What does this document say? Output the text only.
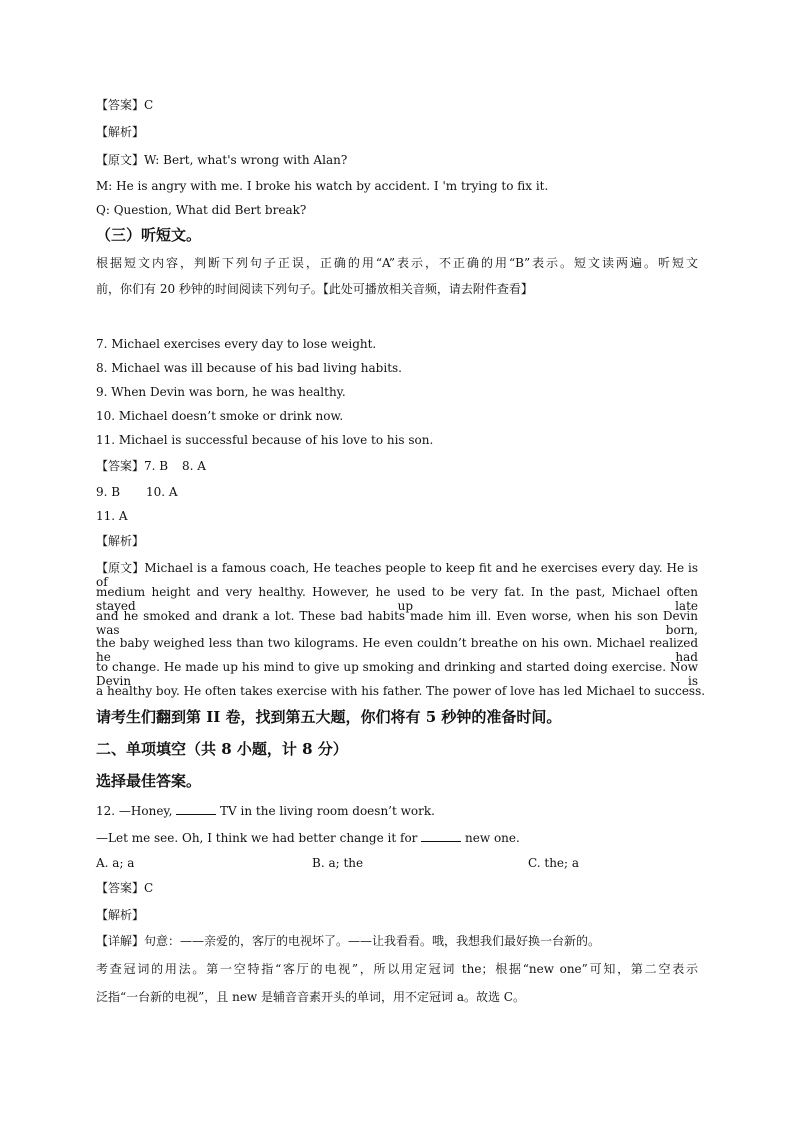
【答案】C
【解析】
【原文】W: Bert, what's wrong with Alan?
M: He is angry with me. I broke his watch by accident. I 'm trying to fix it.
Q: Question, What did Bert break?
（三）听短文。
根据短文内容，判断下列句子正误，正确的用“A”表示，不正确的用“B”表示。短文读两遍。听短文
前，你们有 20 秒钟的时间阅读下列句子。【此处可播放相关音频，请去附件查看】
7. Michael exercises every day to lose weight.
8. Michael was ill because of his bad living habits.
9. When Devin was born, he was healthy.
10. Michael doesn’t smoke or drink now.
11. Michael is successful because of his love to his son.
【答案】7. B 8. A
9. B 10. A
11. A
【解析】
【原文】Michael is a famous coach, He teaches people to keep fit and he exercises every day. He is of
medium height and very healthy. However, he used to be very fat. In the past, Michael often stayed up late
and he smoked and drank a lot. These bad habits made him ill. Even worse, when his son Devin was born,
the baby weighed less than two kilograms. He even couldn’t breathe on his own. Michael realized he had
to change. He made up his mind to give up smoking and drinking and started doing exercise. Now Devin is
a healthy boy. He often takes exercise with his father. The power of love has led Michael to success.
请考生们翻到第 II 卷，找到第五大题，你们将有 5 秒钟的准备时间。
二、单项填空（共 8 小题，计 8 分）
选择最佳答案。
12. —Honey,	TV in the living room doesn’t work.
—Let me see. Oh, I think we had better change it for	new one.
A. a; a	B. a; the	C. the; a
【答案】C
【解析】
【详解】句意：——亲爱的，客厅的电视坏了。——让我看看。哦，我想我们最好换一台新的。
考查冠词的用法。第一空特指“客厅的电视”，所以用定冠词 the；根据“new one”可知，第二空表示
泛指“一台新的电视”，且 new 是辅音音素开头的单词，用不定冠词 a。故选 C。
